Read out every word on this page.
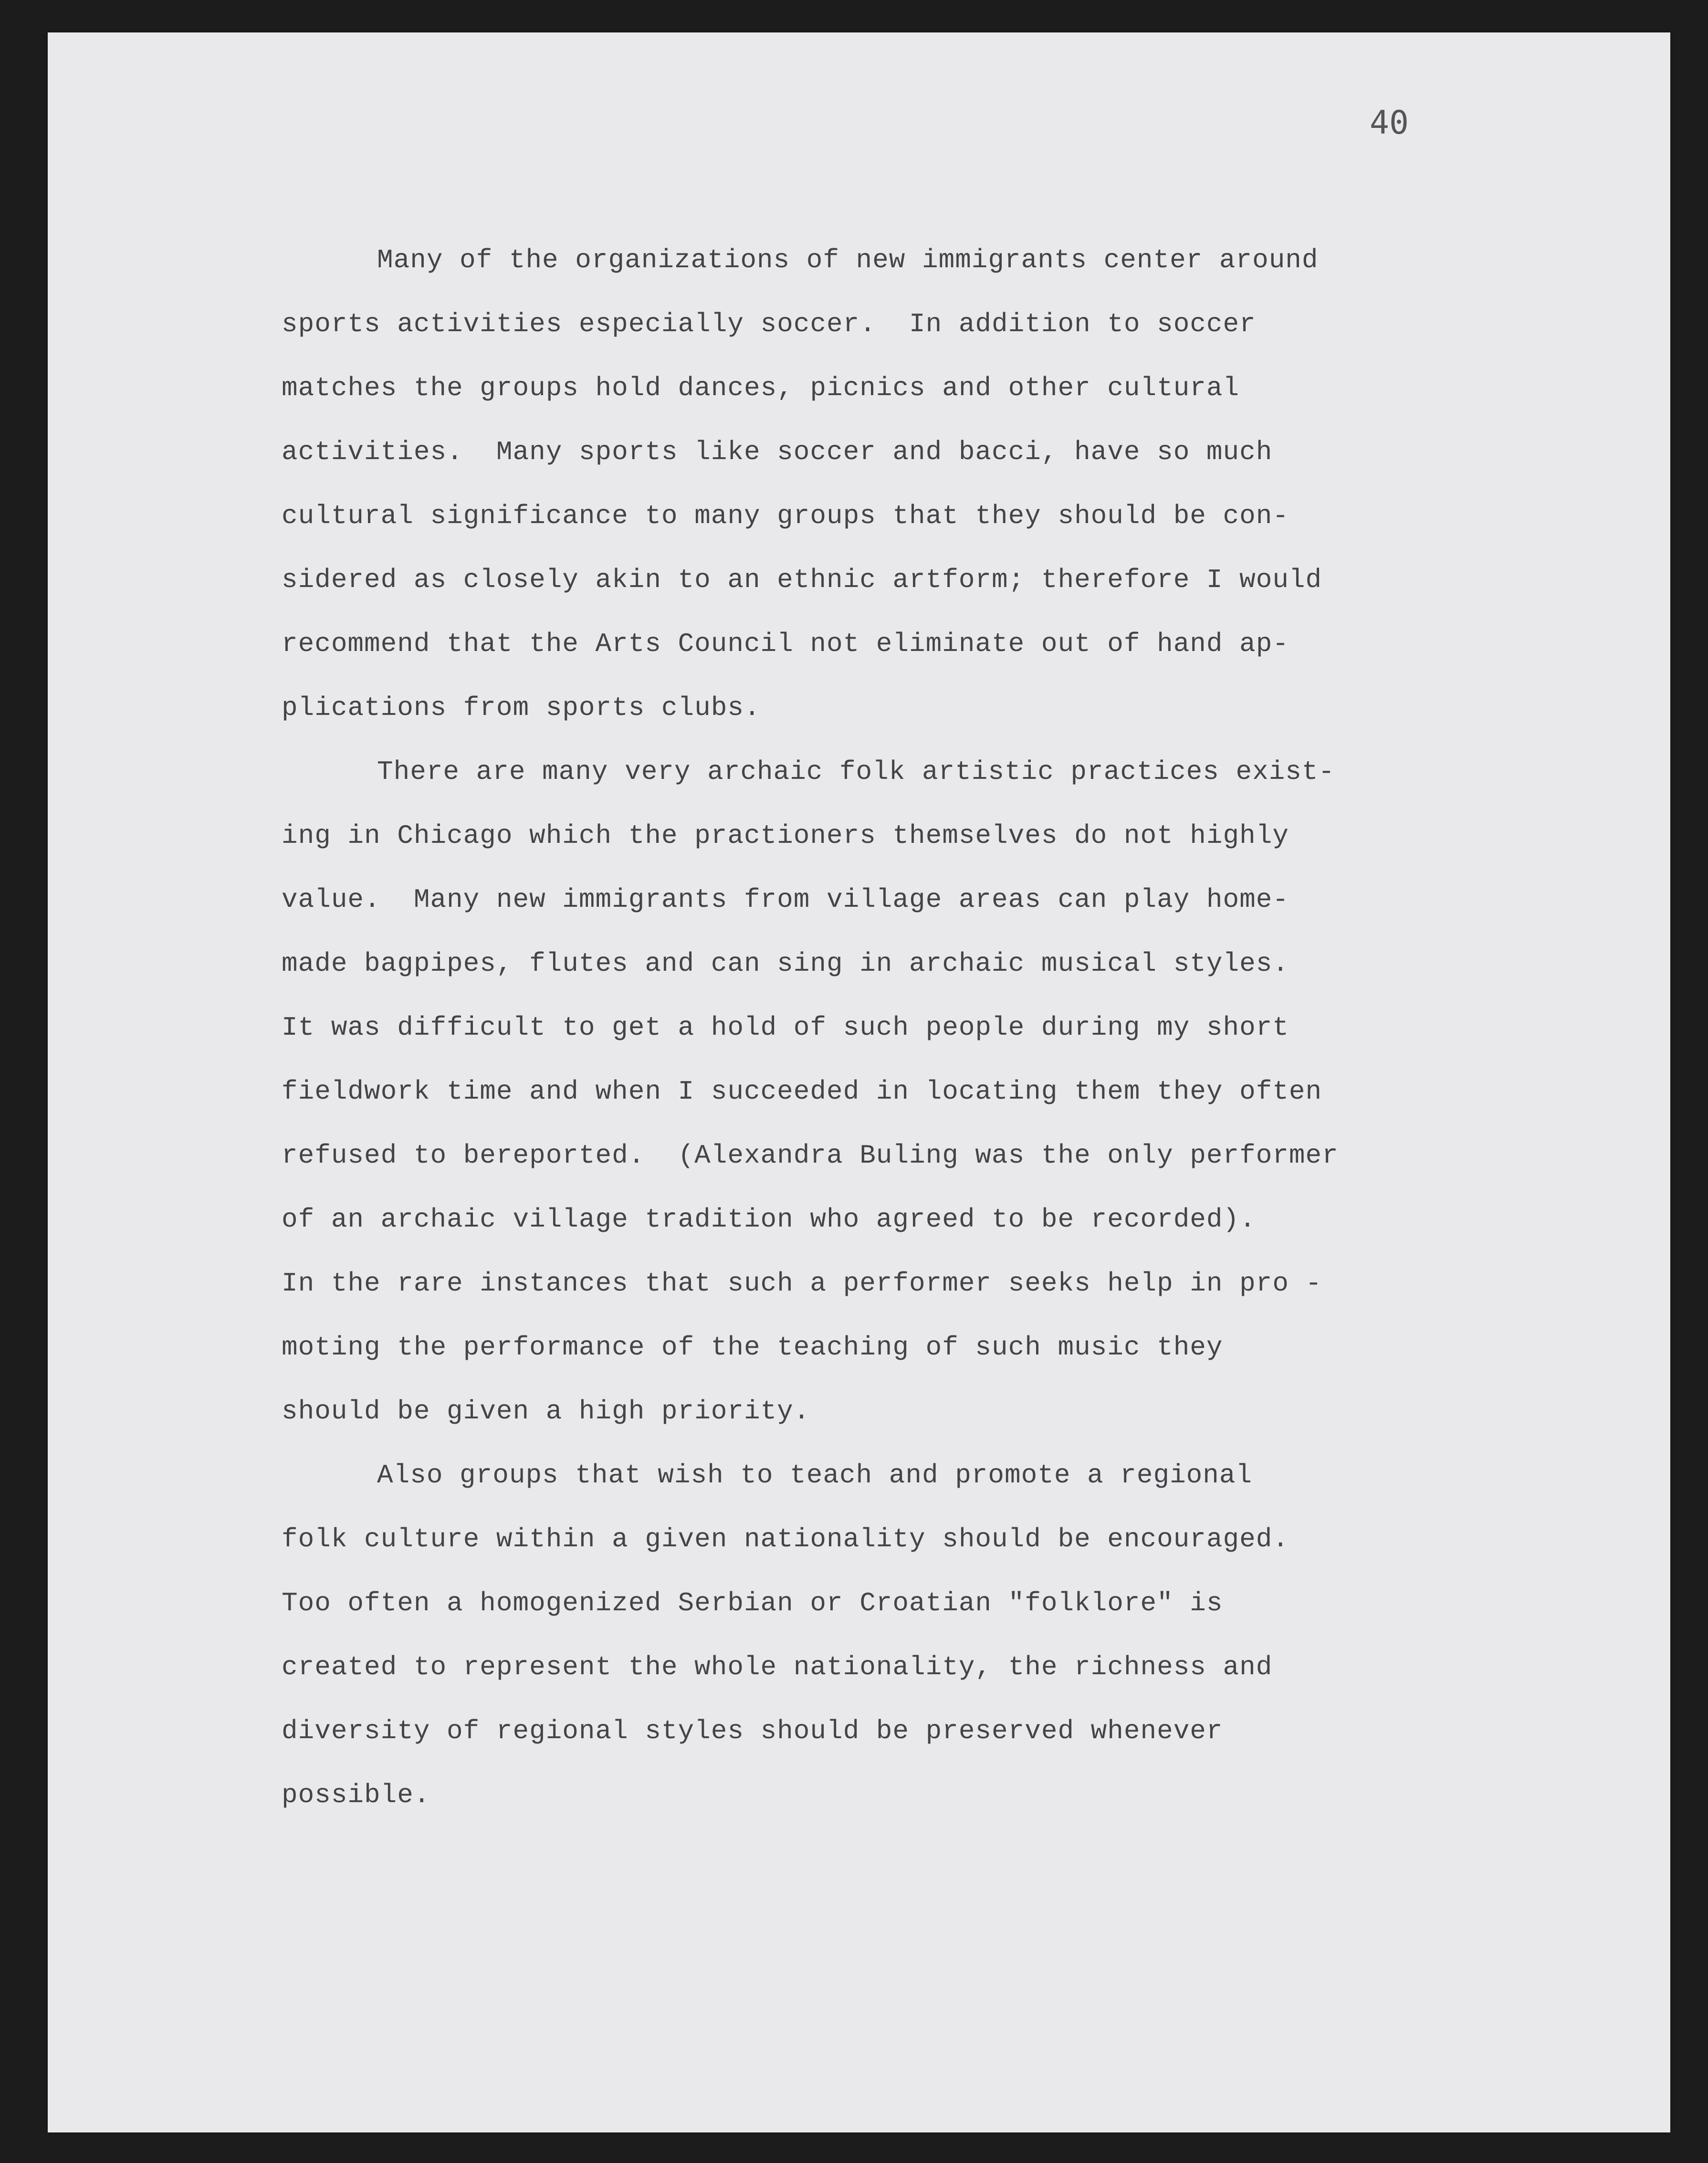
40

Many of the organizations of new immigrants center around

sports activities especially soccer.  In addition to soccer

matches the groups hold dances, picnics and other cultural

activities.  Many sports like soccer and bacci, have so much

cultural significance to many groups that they should be con-

sidered as closely akin to an ethnic artform; therefore I would

recommend that the Arts Council not eliminate out of hand ap-

plications from sports clubs.

There are many very archaic folk artistic practices exist-

ing in Chicago which the practioners themselves do not highly

value.  Many new immigrants from village areas can play home-

made bagpipes, flutes and can sing in archaic musical styles.

It was difficult to get a hold of such people during my short

fieldwork time and when I succeeded in locating them they often

refused to bereported.  (Alexandra Buling was the only performer

of an archaic village tradition who agreed to be recorded).

In the rare instances that such a performer seeks help in pro -

moting the performance of the teaching of such music they

should be given a high priority.

Also groups that wish to teach and promote a regional

folk culture within a given nationality should be encouraged.

Too often a homogenized Serbian or Croatian "folklore" is

created to represent the whole nationality, the richness and

diversity of regional styles should be preserved whenever

possible.
